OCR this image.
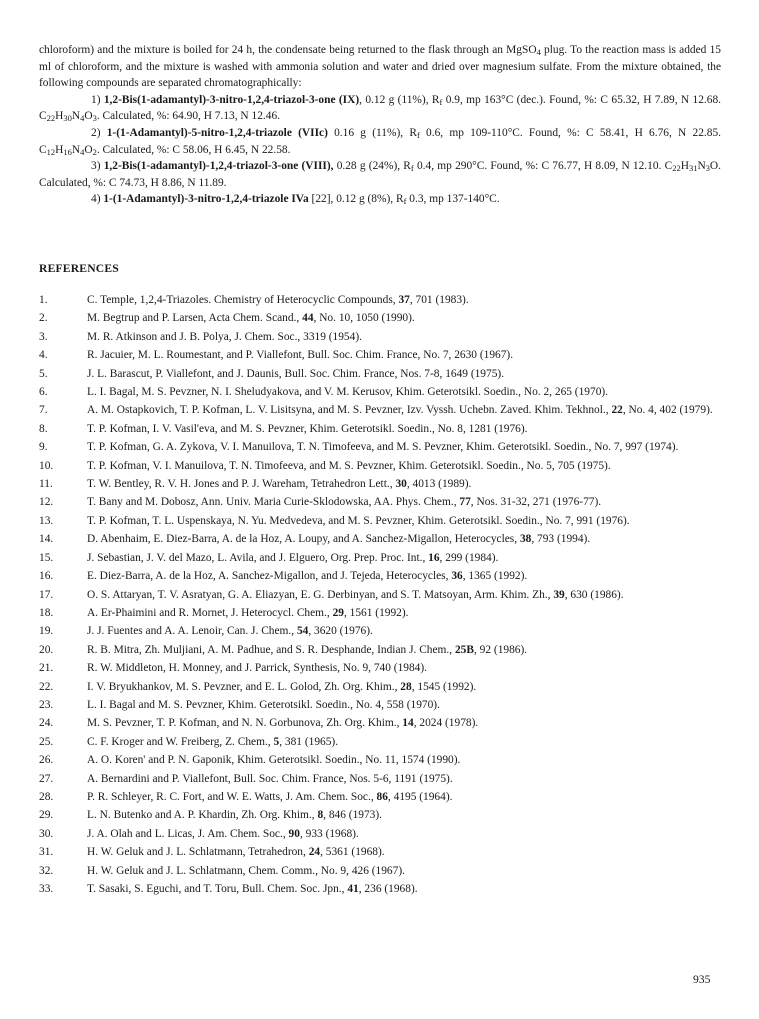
chloroform) and the mixture is boiled for 24 h, the condensate being returned to the flask through an MgSO$_4$ plug. To the reaction mass is added 15 ml of chloroform, and the mixture is washed with ammonia solution and water and dried over magnesium sulfate. From the mixture obtained, the following compounds are separated chromatographically:

1) 1,2-Bis(1-adamantyl)-3-nitro-1,2,4-triazol-3-one (IX), 0.12 g (11%), $R_f$ 0.9, mp 163°C (dec.). Found, %: C 65.32, H 7.89, N 12.68. $C_{22}H_{30}N_4O_3$. Calculated, %: 64.90, H 7.13, N 12.46.

2) 1-(1-Adamantyl)-5-nitro-1,2,4-triazole (VIIc) 0.16 g (11%), $R_f$ 0.6, mp 109-110°C. Found, %: C 58.41, H 6.76, N 22.85. $C_{12}H_{16}N_4O_2$. Calculated, %: C 58.06, H 6.45, N 22.58.

3) 1,2-Bis(1-adamantyl)-1,2,4-triazol-3-one (VIII), 0.28 g (24%), $R_f$ 0.4, mp 290°C. Found, %: C 76.77, H 8.09, N 12.10. $C_{22}H_{31}N_3O$. Calculated, %: C 74.73, H 8.86, N 11.89.

4) 1-(1-Adamantyl)-3-nitro-1,2,4-triazole IVa [22], 0.12 g (8%), $R_f$ 0.3, mp 137-140°C.

REFERENCES
1.	C. Temple, 1,2,4-Triazoles. Chemistry of Heterocyclic Compounds, 37, 701 (1983).
2.	M. Begtrup and P. Larsen, Acta Chem. Scand., 44, No. 10, 1050 (1990).
3.	M. R. Atkinson and J. B. Polya, J. Chem. Soc., 3319 (1954).
4.	R. Jacuier, M. L. Roumestant, and P. Viallefont, Bull. Soc. Chim. France, No. 7, 2630 (1967).
5.	J. L. Barascut, P. Viallefont, and J. Daunis, Bull. Soc. Chim. France, Nos. 7-8, 1649 (1975).
6.	L. I. Bagal, M. S. Pevzner, N. I. Sheludyakova, and V. M. Kerusov, Khim. Geterotsikl. Soedin., No. 2, 265 (1970).
7.	A. M. Ostapkovich, T. P. Kofman, L. V. Lisitsyna, and M. S. Pevzner, Izv. Vyssh. Uchebn. Zaved. Khim. Tekhnol., 22, No. 4, 402 (1979).
8.	T. P. Kofman, I. V. Vasil'eva, and M. S. Pevzner, Khim. Geterotsikl. Soedin., No. 8, 1281 (1976).
9.	T. P. Kofman, G. A. Zykova, V. I. Manuilova, T. N. Timofeeva, and M. S. Pevzner, Khim. Geterotsikl. Soedin., No. 7, 997 (1974).
10.	T. P. Kofman, V. I. Manuilova, T. N. Timofeeva, and M. S. Pevzner, Khim. Geterotsikl. Soedin., No. 5, 705 (1975).
11.	T. W. Bentley, R. V. H. Jones and P. J. Wareham, Tetrahedron Lett., 30, 4013 (1989).
12.	T. Bany and M. Dobosz, Ann. Univ. Maria Curie-Sklodowska, AA. Phys. Chem., 77, Nos. 31-32, 271 (1976-77).
13.	T. P. Kofman, T. L. Uspenskaya, N. Yu. Medvedeva, and M. S. Pevzner, Khim. Geterotsikl. Soedin., No. 7, 991 (1976).
14.	D. Abenhaim, E. Diez-Barra, A. de la Hoz, A. Loupy, and A. Sanchez-Migallon, Heterocycles, 38, 793 (1994).
15.	J. Sebastian, J. V. del Mazo, L. Avila, and J. Elguero, Org. Prep. Proc. Int., 16, 299 (1984).
16.	E. Diez-Barra, A. de la Hoz, A. Sanchez-Migallon, and J. Tejeda, Heterocycles, 36, 1365 (1992).
17.	O. S. Attaryan, T. V. Asratyan, G. A. Eliazyan, E. G. Derbinyan, and S. T. Matsoyan, Arm. Khim. Zh., 39, 630 (1986).
18.	A. Er-Phaimini and R. Mornet, J. Heterocycl. Chem., 29, 1561 (1992).
19.	J. J. Fuentes and A. A. Lenoir, Can. J. Chem., 54, 3620 (1976).
20.	R. B. Mitra, Zh. Muljiani, A. M. Padhue, and S. R. Desphande, Indian J. Chem., 25B, 92 (1986).
21.	R. W. Middleton, H. Monney, and J. Parrick, Synthesis, No. 9, 740 (1984).
22.	I. V. Bryukhankov, M. S. Pevzner, and E. L. Golod, Zh. Org. Khim., 28, 1545 (1992).
23.	L. I. Bagal and M. S. Pevzner, Khim. Geterotsikl. Soedin., No. 4, 558 (1970).
24.	M. S. Pevzner, T. P. Kofman, and N. N. Gorbunova, Zh. Org. Khim., 14, 2024 (1978).
25.	C. F. Kroger and W. Freiberg, Z. Chem., 5, 381 (1965).
26.	A. O. Koren' and P. N. Gaponik, Khim. Geterotsikl. Soedin., No. 11, 1574 (1990).
27.	A. Bernardini and P. Viallefont, Bull. Soc. Chim. France, Nos. 5-6, 1191 (1975).
28.	P. R. Schleyer, R. C. Fort, and W. E. Watts, J. Am. Chem. Soc., 86, 4195 (1964).
29.	L. N. Butenko and A. P. Khardin, Zh. Org. Khim., 8, 846 (1973).
30.	J. A. Olah and L. Licas, J. Am. Chem. Soc., 90, 933 (1968).
31.	H. W. Geluk and J. L. Schlatmann, Tetrahedron, 24, 5361 (1968).
32.	H. W. Geluk and J. L. Schlatmann, Chem. Comm., No. 9, 426 (1967).
33.	T. Sasaki, S. Eguchi, and T. Toru, Bull. Chem. Soc. Jpn., 41, 236 (1968).
935
